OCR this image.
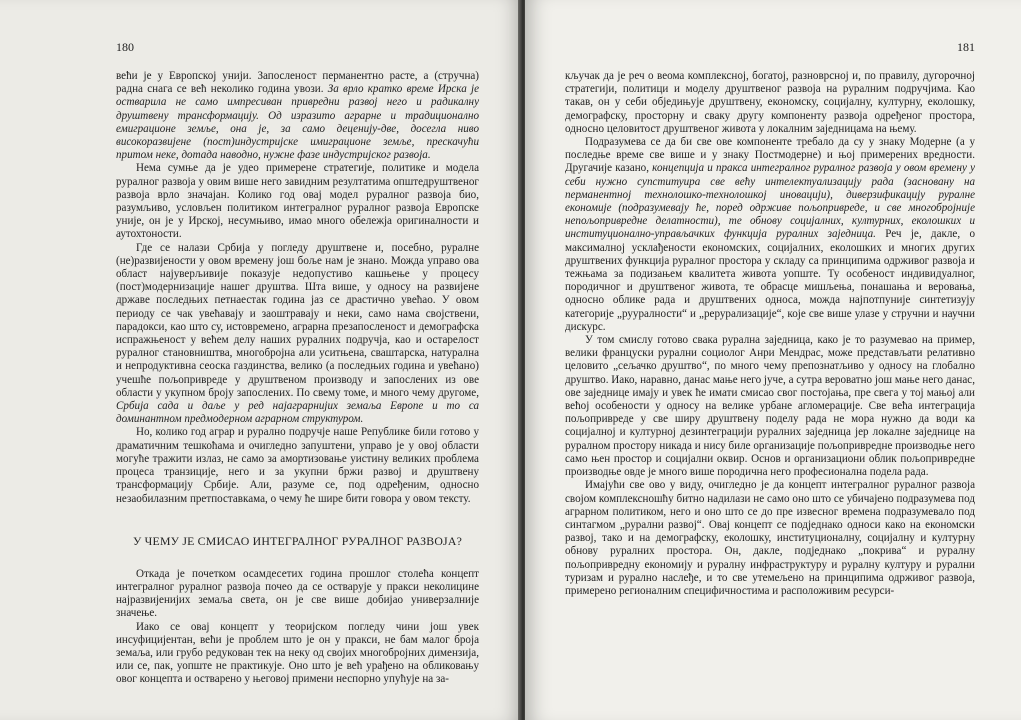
180

већи је у Европској унији. Запосленост перманентно расте, а (стручна) радна снага се већ неколико година увози. За врло кратко време Ирска је остварила не само импресиван привредни развој него и радикалну друштвену трансформацију. Од изразито аграрне и традиционално емиграционе земље, она је, за само деценију-две, досегла ниво високоразвијене (пост)индустријске имиграционе земље, прескачући притом неке, дотада наводно, нужне фазе индустријског развоја.

Нема сумње да је удео примерене стратегије, политике и модела руралног развоја у овим више него завидним резултатима општедруштвеног развоја врло значајан. Колико год овај модел руралног развоја био, разумљиво, условљен политиком интегралног руралног развоја Европске уније, он је у Ирској, несумњиво, имао много обележја оригиналности и аутохтоности.

Где се налази Србија у погледу друштвене и, посебно, руралне (не)развијености у овом времену још боље нам је знано. Можда управо ова област најуверљивије показује недопустиво кашњење у процесу (пост)модернизације нашег друштва. Шта више, у односу на развијене државе последњих петнаестак година јаз се драстично увећао. У овом периоду се чак увећавају и заоштравају и неки, само нама својствени, парадокси, као што су, истовремено, аграрна презапосленост и демографска испражњеност у већем делу наших руралних подручја, као и остарелост руралног становништва, многобројна али уситњена, сваштарска, натурална и непродуктивна сеоска газдинства, велико (а последњих година и увећано) учешће пољопривреде у друштвеном производу и запослених из ове области у укупном броју запослених. По свему томе, и много чему другоме, Србија сада и даље у ред најаграрнијих земаља Европе и то са доминантном предмодерном аграрном структуром.

Но, колико год аграр и рурално подручје наше Републике били готово у драматичним тешкоћама и очигледно запуштени, управо је у овој области могуће тражити излаз, не само за амортизовање уистину великих проблема процеса транзиције, него и за укупни бржи развој и друштвену трансформацију Србије. Али, разуме се, под одређеним, односно незаобилазним претпоставкама, о чему ће шире бити говора у овом тексту.

У ЧЕМУ ЈЕ СМИСАО ИНТЕГРАЛНОГ РУРАЛНОГ РАЗВОЈА?

Откада је почетком осамдесетих година прошлог столећа концепт интегралног руралног развоја почео да се остварује у пракси неколицине најразвијенијих земаља света, он је све више добијао универзалније значење.

Иако се овај концепт у теоријском погледу чини још увек инсуфицијентан, већи је проблем што је он у пракси, не бам малог броја земаља, или грубо редукован тек на неку од својих многобројних димензија, или се, пак, уопште не практикује. Оно што је већ урађено на обликовању овог концепта и остварено у његовој примени неспорно упућује на за-

181

кључак да је реч о веома комплексној, богатој, разноврсној и, по правилу, дугорочној стратегији, политици и моделу друштвеног развоја на руралним подручјима. Као такав, он у себи обједињује друштвену, економску, социјалну, културну, еколошку, демографску, просторну и сваку другу компоненту развоја одређеног простора, односно целовитост друштвеног живота у локалним заједницама на њему.

Подразумева се да би све ове компоненте требало да су у знаку Модерне (а у последње време све више и у знаку Постмодерне) и њој примерених вредности. Другачије казано, концепција и пракса интегралног руралног развоја у овом времену у себи нужно супституира све већу интелектуализацију рада (засновану на перманентној технолошко-технолошкој иновацији), диверзификацију руралне економије (подразумевају ће, поред одрживе пољопривреде, и све многобројније непољопривредне делатности), те обнову социјалних, културних, еколошких и институционално-управљачких функција руралних заједница. Реч је, дакле, о максималној усклађености економских, социјалних, еколошких и многих других друштвених функција руралног простора у складу са принципима одрживог развоја и тежњама за подизањем квалитета живота уопште. Ту особеност индивидуалног, породичног и друштвеног живота, те обрасце мишљења, понашања и веровања, односно облике рада и друштвених односа, можда најпотпуније синтетизују категорије „рууралности“ и „рерурализације“, које све више улазе у стручни и научни дискурс.

У том смислу готово свака рурална заједница, како је то разумевао на пример, велики француски рурални социолог Анри Мендрас, може представљати релативно целовито „сељачко друштво“, по много чему препознатљиво у односу на глобално друштво. Иако, наравно, данас мање него јуче, а сутра вероватно још мање него данас, ове заједнице имају и увек ће имати смисао свог постојања, пре свега у тој мањој али већој особености у односу на велике урбане агломерације. Све већа интеграција пољопривреде у све ширу друштвену поделу рада не мора нужно да води ка социјалној и културној дезинтеграцији руралних заједница јер локалне заједнице на руралном простору никада и нису биле организације пољопривредне производње него само њен простор и социјални оквир. Основ и организациони облик пољопривредне производње овде је много више породична него професионална подела рада.

Имајући све ово у виду, очигледно је да концепт интегралног руралног развоја својом комплексношћу битно надилази не само оно што се убичајено подразумева под аграрном политиком, него и оно што се до пре извесног времена подразумевало под синтагмом „рурални развој“. Овај концепт се подједнако односи како на економски развој, тако и на демографску, еколошку, институционалну, социјалну и културну обнову руралних простора. Он, дакле, подједнако „покрива“ и руралну пољопривредну економију и руралну инфраструктуру и руралну културу и рурални туризам и рурално наслеђе, и то све утемељено на принципима одрживог развоја, примерено регионалним специфичностима и расположивим ресурси-
